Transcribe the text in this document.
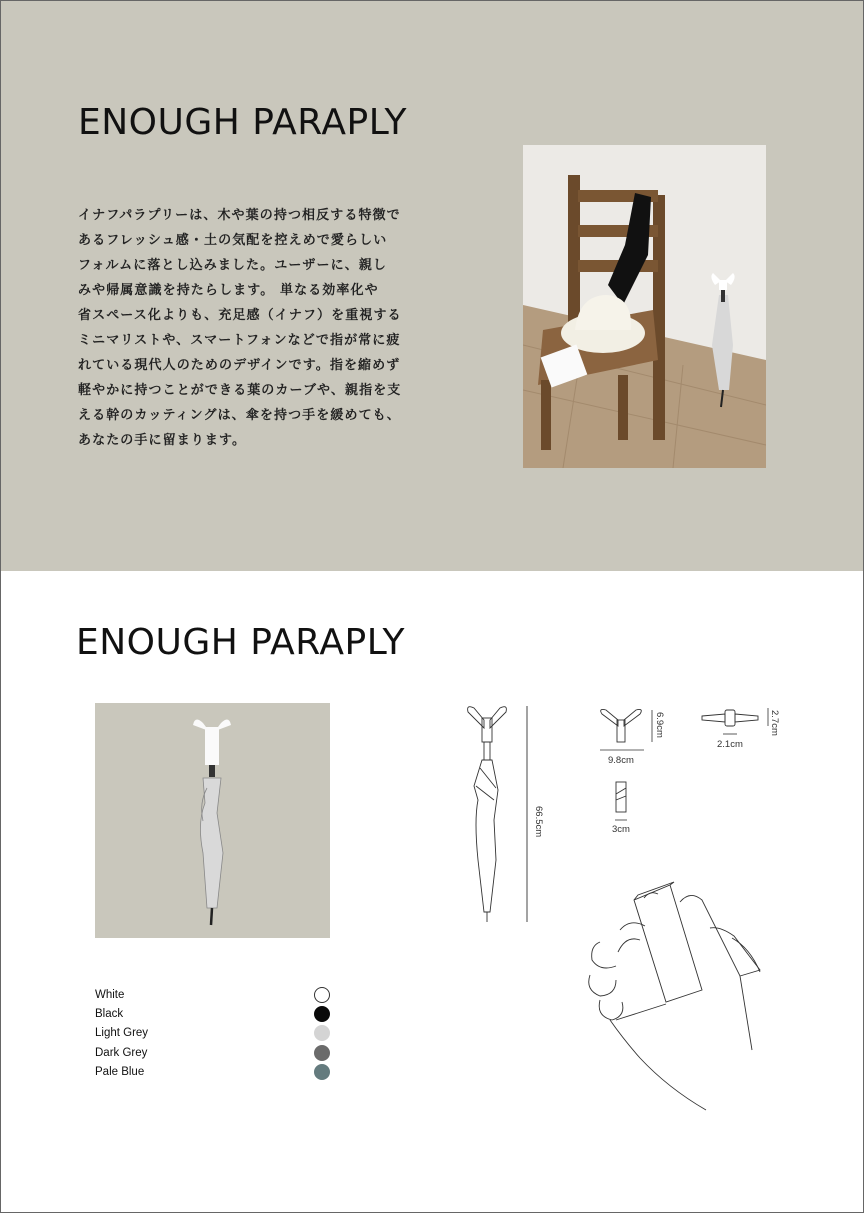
ENOUGH PARAPLY
イナフパラプリーは、木や葉の持つ相反する特徴で
あるフレッシュ感・土の気配を控えめで愛らしい
フォルムに落とし込みました。ユーザーに、親し
みや帰属意識を持たらします。 単なる効率化や
省スペース化よりも、充足感（イナフ）を重視する
ミニマリストや、スマートフォンなどで指が常に疲
れている現代人のためのデザインです。指を縮めず
軽やかに持つことができる葉のカーブや、親指を支
える幹のカッティングは、傘を持つ手を緩めても、
あなたの手に留まります。
ENOUGH PARAPLY
White
Black
Light Grey
Dark Grey
Pale Blue
66.5cm
6.9cm
9.8cm
2.7cm
2.1cm
3cm
